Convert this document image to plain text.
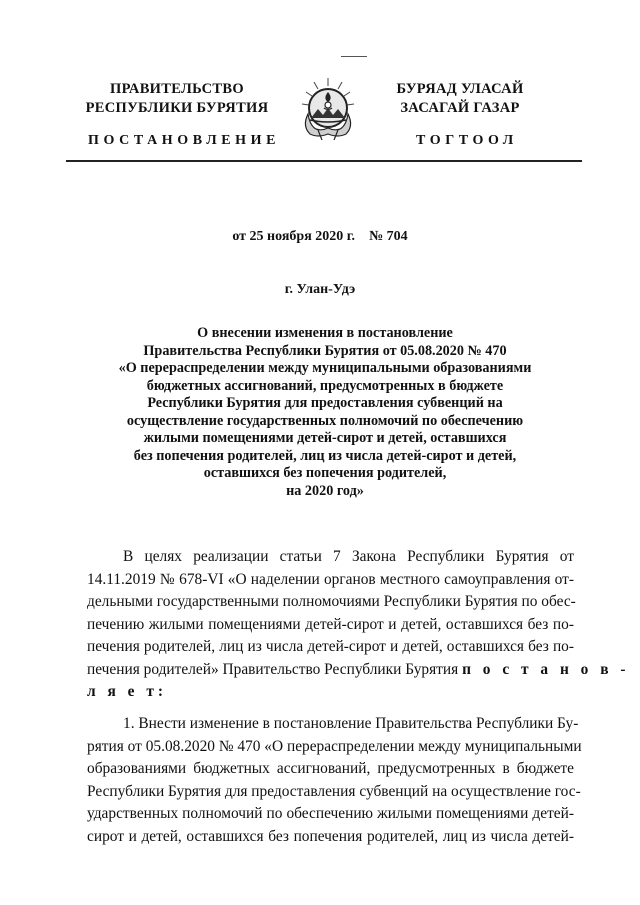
ПРАВИТЕЛЬСТВО
РЕСПУБЛИКИ БУРЯТИЯ
БУРЯАД УЛАСАЙ
ЗАСАГАЙ ГАЗАР
ПОСТАНОВЛЕНИЕ	ТОГТООЛ
от 25 ноября 2020 г. № 704
г. Улан-Удэ
О внесении изменения в постановление
Правительства Республики Бурятия от 05.08.2020 № 470
«О перераспределении между муниципальными образованиями
бюджетных ассигнований, предусмотренных в бюджете
Республики Бурятия для предоставления субвенций на
осуществление государственных полномочий по обеспечению
жилыми помещениями детей-сирот и детей, оставшихся
без попечения родителей, лиц из числа детей-сирот и детей,
оставшихся без попечения родителей,
на 2020 год»
В целях реализации статьи 7 Закона Республики Бурятия от
14.11.2019 № 678-VI «О наделении органов местного самоуправления от-
дельными государственными полномочиями Республики Бурятия по обес-
печению жилыми помещениями детей-сирот и детей, оставшихся без по-
печения родителей, лиц из числа детей-сирот и детей, оставшихся без по-
печения родителей» Правительство Республики Бурятия п о с т а н о в -
л я е т:
1. Внести изменение в постановление Правительства Республики Бу-
рятия от 05.08.2020 № 470 «О перераспределении между муниципальными
образованиями бюджетных ассигнований, предусмотренных в бюджете
Республики Бурятия для предоставления субвенций на осуществление гос-
ударственных полномочий по обеспечению жилыми помещениями детей-
сирот и детей, оставшихся без попечения родителей, лиц из числа детей-
